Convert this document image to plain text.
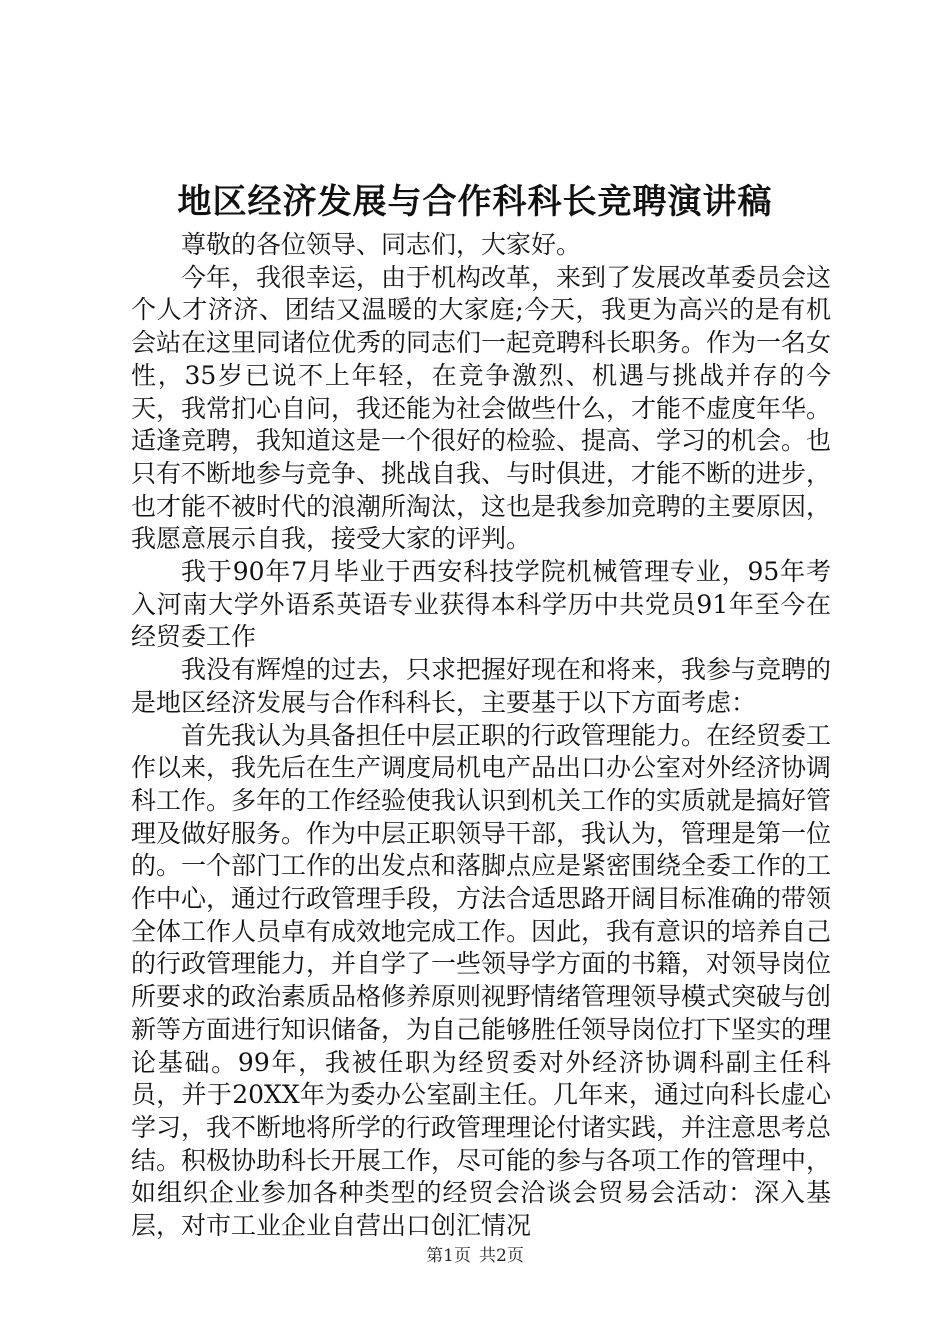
地区经济发展与合作科科长竞聘演讲稿

尊敬的各位领导、同志们，大家好。

今年，我很幸运，由于机构改革，来到了发展改革委员会这个人才济济、团结又温暖的大家庭;今天，我更为高兴的是有机会站在这里同诸位优秀的同志们一起竞聘科长职务。作为一名女性，35岁已说不上年轻，在竞争激烈、机遇与挑战并存的今天，我常扪心自问，我还能为社会做些什么，才能不虚度年华。适逢竞聘，我知道这是一个很好的检验、提高、学习的机会。也只有不断地参与竞争、挑战自我、与时俱进，才能不断的进步，也才能不被时代的浪潮所淘汰，这也是我参加竞聘的主要原因，我愿意展示自我，接受大家的评判。

我于90年7月毕业于西安科技学院机械管理专业，95年考入河南大学外语系英语专业获得本科学历中共党员91年至今在经贸委工作

我没有辉煌的过去，只求把握好现在和将来，我参与竞聘的是地区经济发展与合作科科长，主要基于以下方面考虑：

首先我认为具备担任中层正职的行政管理能力。在经贸委工作以来，我先后在生产调度局机电产品出口办公室对外经济协调科工作。多年的工作经验使我认识到机关工作的实质就是搞好管理及做好服务。作为中层正职领导干部，我认为，管理是第一位的。一个部门工作的出发点和落脚点应是紧密围绕全委工作的工作中心，通过行政管理手段，方法合适思路开阔目标准确的带领全体工作人员卓有成效地完成工作。因此，我有意识的培养自己的行政管理能力，并自学了一些领导学方面的书籍，对领导岗位所要求的政治素质品格修养原则视野情绪管理领导模式突破与创新等方面进行知识储备，为自己能够胜任领导岗位打下坚实的理论基础。99年，我被任职为经贸委对外经济协调科副主任科员，并于20XX年为委办公室副主任。几年来，通过向科长虚心学习，我不断地将所学的行政管理理论付诸实践，并注意思考总结。积极协助科长开展工作，尽可能的参与各项工作的管理中，如组织企业参加各种类型的经贸会洽谈会贸易会活动：深入基层，对市工业企业自营出口创汇情况

第1页 共2页
